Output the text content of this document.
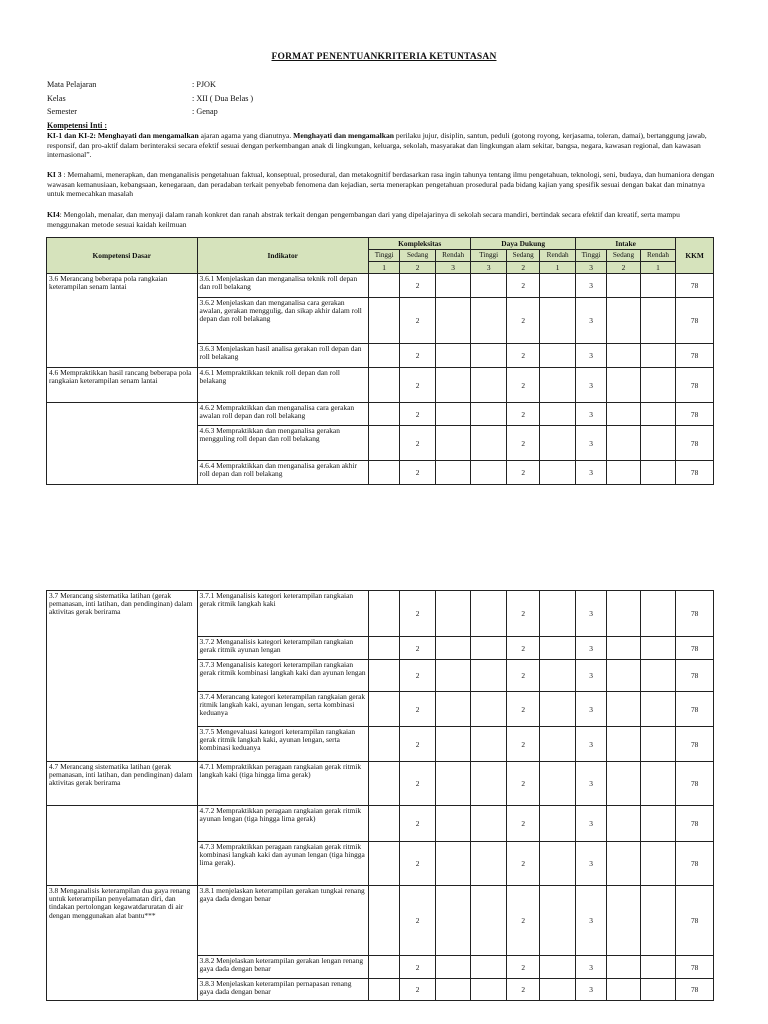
FORMAT PENENTUANKRITERIA KETUNTASAN
Mata Pelajaran	: PJOK
Kelas	: XII ( Dua Belas )
Semester	: Genap
Kompetensi Inti :
KI-1 dan KI-2: Menghayati dan mengamalkan ajaran agama yang dianutnya. Menghayati dan mengamalkan perilaku jujur, disiplin, santun, peduli (gotong royong, kerjasama, toleran, damai), bertanggung jawab, responsif, dan pro-aktif dalam berinteraksi secara efektif sesuai dengan perkembangan anak di lingkungan, keluarga, sekolah, masyarakat dan lingkungan alam sekitar, bangsa, negara, kawasan regional, dan kawasan internasional”.
KI 3 : Memahami, menerapkan, dan menganalisis pengetahuan faktual, konseptual, prosedural, dan metakognitif berdasarkan rasa ingin tahunya tentang ilmu pengetahuan, teknologi, seni, budaya, dan humaniora dengan wawasan kemanusiaan, kebangsaan, kenegaraan, dan peradaban terkait penyebab fenomena dan kejadian, serta menerapkan pengetahuan prosedural pada bidang kajian yang spesifik sesuai dengan bakat dan minatnya untuk memecahkan masalah
KI4: Mengolah, menalar, dan menyaji dalam ranah konkret dan ranah abstrak terkait dengan pengembangan dari yang dipelajarinya di sekolah secara mandiri, bertindak secara efektif dan kreatif, serta mampu menggunakan metode sesuai kaidah keilmuan
Kompetensi Dasar	Indikator	Kompleksitas			Daya Dukung			Intake			KKM
		Tinggi	Sedang	Rendah	Tinggi	Sedang	Rendah	Tinggi	Sedang	Rendah	
		1	2	3	3	2	1	3	2	1	
3.6 Merancang beberapa pola rangkaian keterampilan senam lantai	3.6.1 Menjelaskan dan menganalisa teknik roll depan dan roll belakang		2			2		3			78
	3.6.2 Menjelaskan dan menganalisa cara gerakan awalan, gerakan menggulig, dan sikap akhir dalam roll depan dan roll belakang		2			2		3			78
	3.6.3 Menjelaskan hasil analisa gerakan roll depan dan roll belakang		2			2		3			78
4.6 Mempraktikkan hasil rancang beberapa pola rangkaian keterampilan senam lantai	4.6.1 Mempraktikkan teknik roll depan dan roll belakang		2			2		3			78
	4.6.2 Mempraktikkan dan menganalisa cara gerakan awalan roll depan dan roll belakang		2			2		3			78
	4.6.3 Mempraktikkan dan menganalisa gerakan mengguling roll depan dan roll belakang		2			2		3			78
	4.6.4 Mempraktikkan dan menganalisa gerakan akhir roll depan dan roll belakang		2			2		3			78
3.7 Merancang sistematika latihan (gerak pemanasan, inti latihan, dan pendinginan) dalam aktivitas gerak berirama	3.7.1 Menganalisis kategori keterampilan rangkaian gerak ritmik langkah kaki		2			2		3			78
	3.7.2 Menganalisis kategori keterampilan rangkaian gerak ritmik ayunan lengan		2			2		3			78
	3.7.3 Menganalisis kategori keterampilan rangkaian gerak ritmik kombinasi langkah kaki dan ayunan lengan		2			2		3			78
	3.7.4 Merancang kategori keterampilan rangkaian gerak ritmik langkah kaki, ayunan lengan, serta kombinasi keduanya		2			2		3			78
	3.7.5 Mengevaluasi kategori keterampilan rangkaian gerak ritmik langkah kaki, ayunan lengan, serta kombinasi keduanya		2			2		3			78
4.7 Merancang sistematika latihan (gerak pemanasan, inti latihan, dan pendinginan) dalam aktivitas gerak berirama	4.7.1 Mempraktikkan peragaan rangkaian gerak ritmik langkah kaki (tiga hingga lima gerak)		2			2		3			78
	4.7.2 Mempraktikkan peragaan rangkaian gerak ritmik ayunan lengan (tiga hingga lima gerak)		2			2		3			78
	4.7.3 Mempraktikkan peragaan rangkaian gerak ritmik kombinasi langkah kaki dan ayunan lengan (tiga hingga lima gerak).		2			2		3			78
3.8 Menganalisis keterampilan dua gaya renang untuk keterampilan penyelamatan diri, dan tindakan pertolongan kegawatdaruratan di air dengan menggunakan alat bantu***	3.8.1 menjelaskan keterampilan gerakan tungkai renang gaya dada dengan benar		2			2		3			78
	3.8.2 Menjelaskan keterampilan gerakan lengan renang gaya dada dengan benar		2			2		3			78
	3.8.3 Menjelaskan keterampilan pernapasan renang gaya dada dengan benar		2			2		3			78
